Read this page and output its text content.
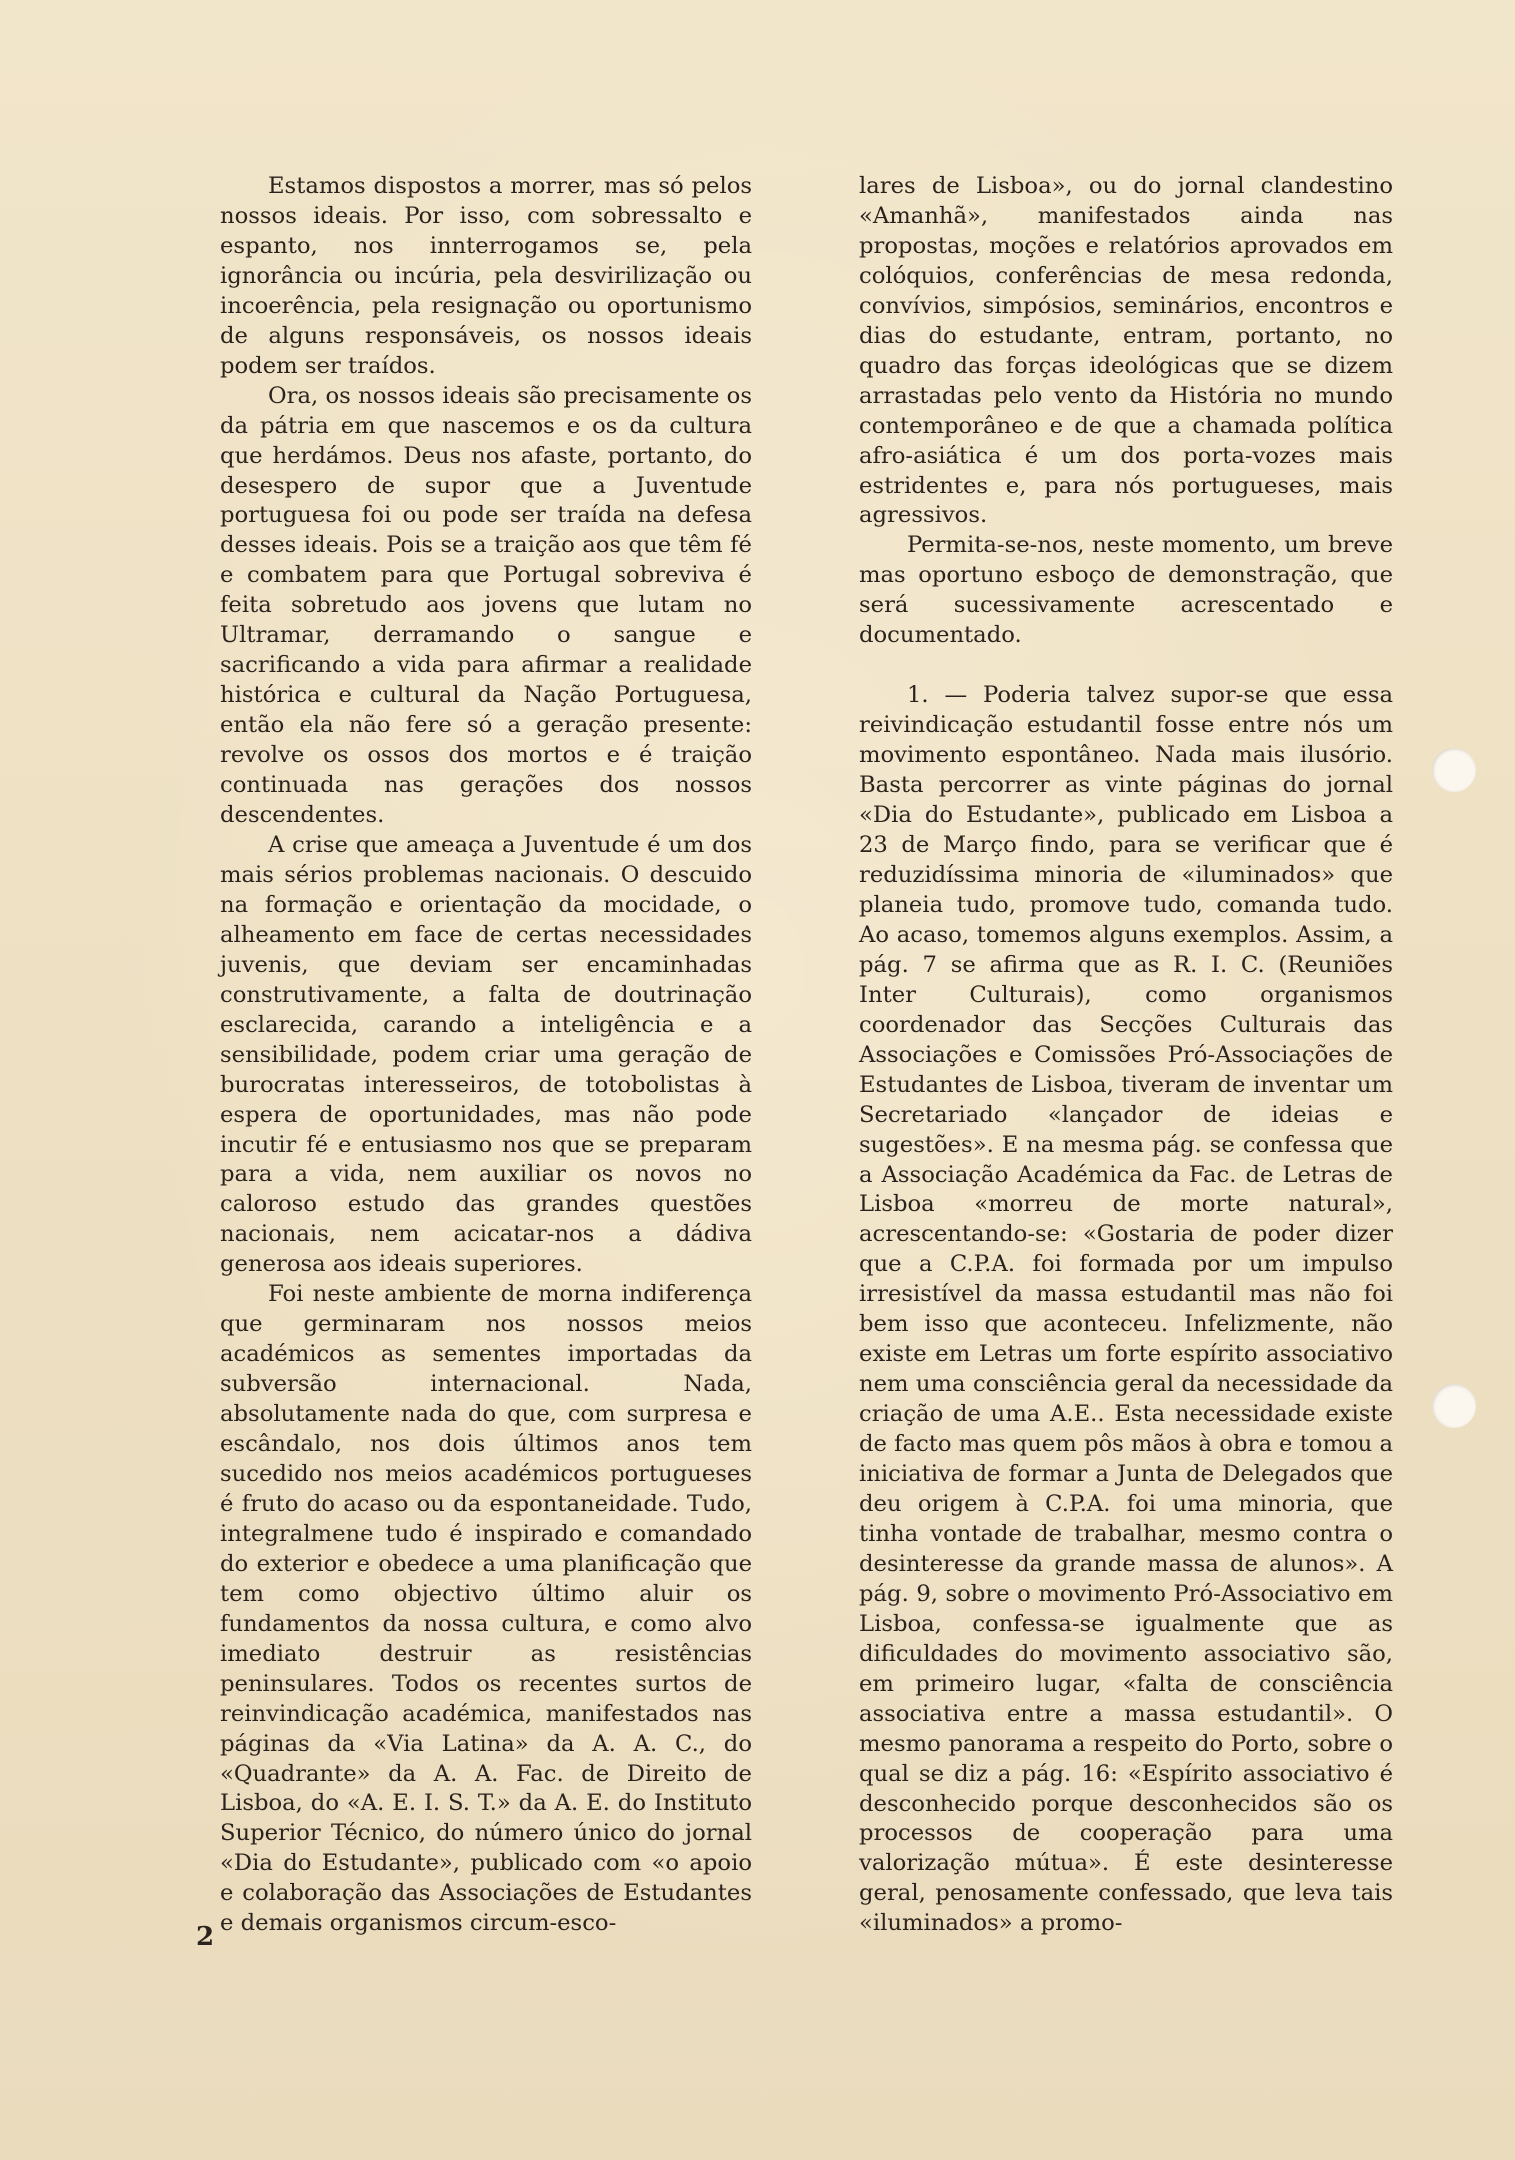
Estamos dispostos a morrer, mas só pelos nossos ideais. Por isso, com sobressalto e espanto, nos innterrogamos se, pela ignorância ou incúria, pela desvirilização ou incoerência, pela resignação ou oportunismo de alguns responsáveis, os nossos ideais podem ser traídos.

Ora, os nossos ideais são precisamente os da pátria em que nascemos e os da cultura que herdámos. Deus nos afaste, portanto, do desespero de supor que a Juventude portuguesa foi ou pode ser traída na defesa desses ideais. Pois se a traição aos que têm fé e combatem para que Portugal sobreviva é feita sobretudo aos jovens que lutam no Ultramar, derramando o sangue e sacrificando a vida para afirmar a realidade histórica e cultural da Nação Portuguesa, então ela não fere só a geração presente: revolve os ossos dos mortos e é traição continuada nas gerações dos nossos descendentes.

A crise que ameaça a Juventude é um dos mais sérios problemas nacionais. O descuido na formação e orientação da mocidade, o alheamento em face de certas necessidades juvenis, que deviam ser encaminhadas construtivamente, a falta de doutrinação esclarecida, carando a inteligência e a sensibilidade, podem criar uma geração de burocratas interesseiros, de totobolistas à espera de oportunidades, mas não pode incutir fé e entusiasmo nos que se preparam para a vida, nem auxiliar os novos no caloroso estudo das grandes questões nacionais, nem acicatar-nos a dádiva generosa aos ideais superiores.

Foi neste ambiente de morna indiferença que germinaram nos nossos meios académicos as sementes importadas da subversão internacional. Nada, absolutamente nada do que, com surpresa e escândalo, nos dois últimos anos tem sucedido nos meios académicos portugueses é fruto do acaso ou da espontaneidade. Tudo, integralmene tudo é inspirado e comandado do exterior e obedece a uma planificação que tem como objectivo último aluir os fundamentos da nossa cultura, e como alvo imediato destruir as resistências peninsulares. Todos os recentes surtos de reinvindicação académica, manifestados nas páginas da «Via Latina» da A. A. C., do «Quadrante» da A. A. Fac. de Direito de Lisboa, do «A. E. I. S. T.» da A. E. do Instituto Superior Técnico, do número único do jornal «Dia do Estudante», publicado com «o apoio e colaboração das Associações de Estudantes e demais organismos circum-esco-

lares de Lisboa», ou do jornal clandestino «Amanhã», manifestados ainda nas propostas, moções e relatórios aprovados em colóquios, conferências de mesa redonda, convívios, simpósios, seminários, encontros e dias do estudante, entram, portanto, no quadro das forças ideológicas que se dizem arrastadas pelo vento da História no mundo contemporâneo e de que a chamada política afro-asiática é um dos porta-vozes mais estridentes e, para nós portugueses, mais agressivos.

Permita-se-nos, neste momento, um breve mas oportuno esboço de demonstração, que será sucessivamente acrescentado e documentado.

1. — Poderia talvez supor-se que essa reivindicação estudantil fosse entre nós um movimento espontâneo. Nada mais ilusório. Basta percorrer as vinte páginas do jornal «Dia do Estudante», publicado em Lisboa a 23 de Março findo, para se verificar que é reduzidíssima minoria de «iluminados» que planeia tudo, promove tudo, comanda tudo. Ao acaso, tomemos alguns exemplos. Assim, a pág. 7 se afirma que as R. I. C. (Reuniões Inter Culturais), como organismos coordenador das Secções Culturais das Associações e Comissões Pró-Associações de Estudantes de Lisboa, tiveram de inventar um Secretariado «lançador de ideias e sugestões». E na mesma pág. se confessa que a Associação Académica da Fac. de Letras de Lisboa «morreu de morte natural», acrescentando-se: «Gostaria de poder dizer que a C.P.A. foi formada por um impulso irresistível da massa estudantil mas não foi bem isso que aconteceu. Infelizmente, não existe em Letras um forte espírito associativo nem uma consciência geral da necessidade da criação de uma A.E.. Esta necessidade existe de facto mas quem pôs mãos à obra e tomou a iniciativa de formar a Junta de Delegados que deu origem à C.P.A. foi uma minoria, que tinha vontade de trabalhar, mesmo contra o desinteresse da grande massa de alunos». A pág. 9, sobre o movimento Pró-Associativo em Lisboa, confessa-se igualmente que as dificuldades do movimento associativo são, em primeiro lugar, «falta de consciência associativa entre a massa estudantil». O mesmo panorama a respeito do Porto, sobre o qual se diz a pág. 16: «Espírito associativo é desconhecido porque desconhecidos são os processos de cooperação para uma valorização mútua». É este desinteresse geral, penosamente confessado, que leva tais «iluminados» a promo-

2
